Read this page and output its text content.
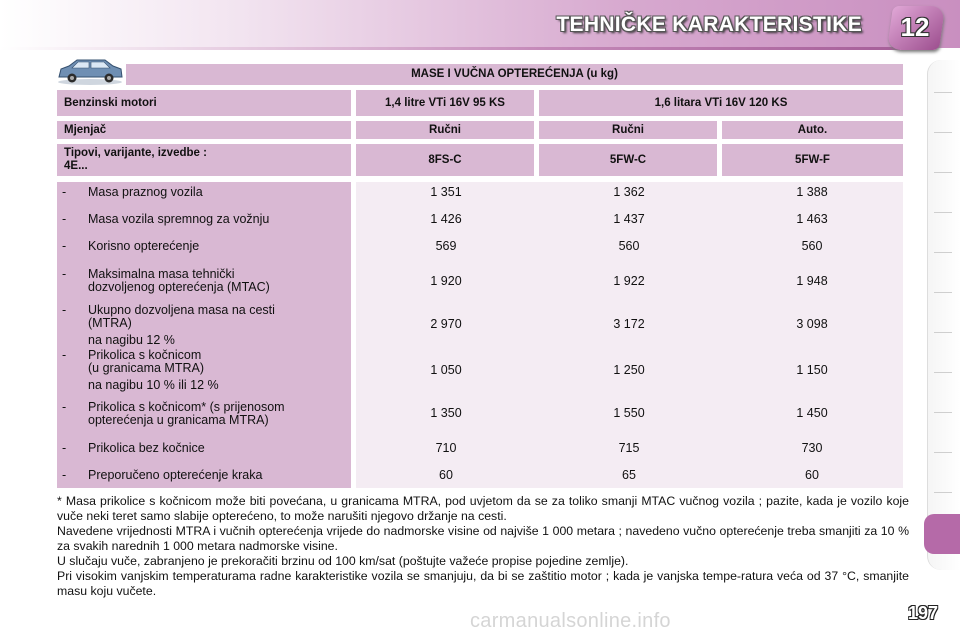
TEHNIČKE KARAKTERISTIKE 12
MASE I VUČNA OPTEREĆENJA (u kg)
Benzinski motori	1,4 litre VTi 16V 95 KS	1,6 litara VTi 16V 120 KS
Mjenjač	Ručni	Ručni	Auto.
Tipovi, varijante, izvedbe :
4E...	8FS-C	5FW-C	5FW-F
- Masa praznog vozila	1 351	1 362	1 388
- Masa vozila spremnog za vožnju	1 426	1 437	1 463
- Korisno opterećenje	569	560	560
- Maksimalna masa tehnički
dozvoljenog opterećenja (MTAC)	1 920	1 922	1 948
- Ukupno dozvoljena masa na cesti
(MTRA)
na nagibu 12 %
2 970	3 172	3 098
- Prikolica s kočnicom
(u granicama MTRA)
na nagibu 10 % ili 12 %
1 050	1 250	1 150
- Prikolica s kočnicom* (s prijenosom
opterećenja u granicama MTRA)	1 350	1 550	1 450
- Prikolica bez kočnice	710	715	730
- Preporučeno opterećenje kraka	60	65	60

* Masa prikolice s kočnicom može biti povećana, u granicama MTRA, pod uvjetom da se za toliko smanji MTAC vučnog vozila ; pazite, kada je vozilo koje vuče neki teret samo slabije opterećeno, to može narušiti njegovo držanje na cesti.

Navedene vrijednosti MTRA i vučnih opterećenja vrijede do nadmorske visine od najviše 1 000 metara ; navedeno vučno opterećenje treba smanjiti za 10 % za svakih narednih 1 000 metara nadmorske visine.

U slučaju vuče, zabranjeno je prekoračiti brzinu od 100 km/sat (poštujte važeće propise pojedine zemlje).

Pri visokim vanjskim temperaturama radne karakteristike vozila se smanjuju, da bi se zaštitio motor ; kada je vanjska tempe-ratura veća od 37 °C, smanjite masu koju vučete.

carmanualsonline.info	197
